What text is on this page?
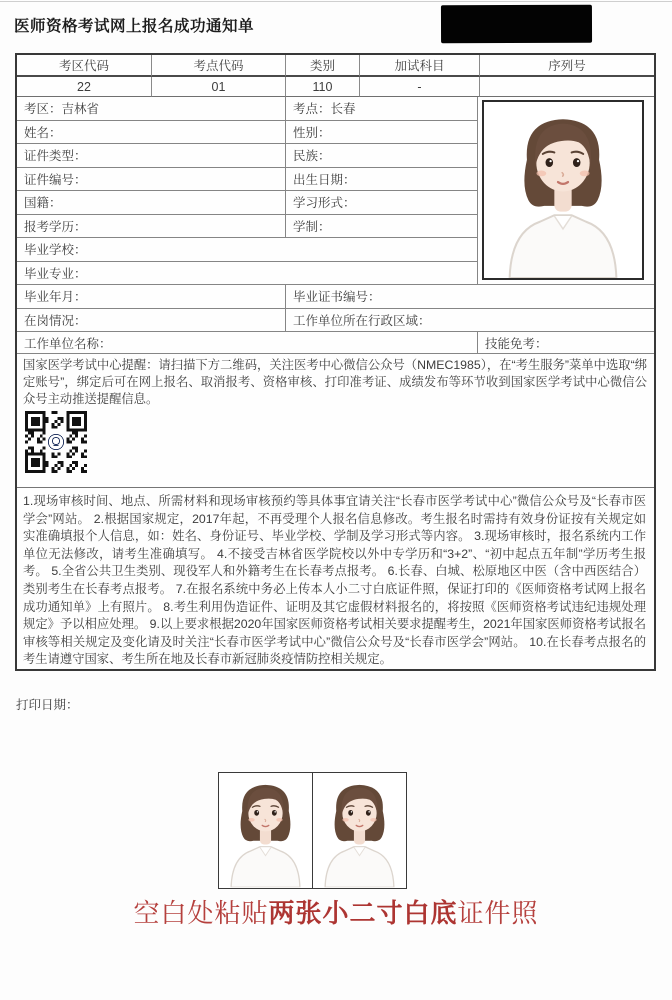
医师资格考试网上报名成功通知单
考区代码	考点代码	类别	加试科目	序列号
22	01	110	-
考区：吉林省	考点：长春
姓名：	性别：
证件类型：	民族：
证件编号：	出生日期：
国籍：	学习形式：
报考学历：	学制：
毕业学校：
毕业专业：
毕业年月：	毕业证书编号：
在岗情况：	工作单位所在行政区域：
工作单位名称：	技能免考：

国家医学考试中心提醒：请扫描下方二维码，关注医考中心微信公众号（NMEC1985），在“考生服务”菜单中选取“绑定账号”，绑定后可在网上报名、取消报考、资格审核、打印准考证、成绩发布等环节收到国家医学考试中心微信公众号主动推送提醒信息。

1.现场审核时间、地点、所需材料和现场审核预约等具体事宜请关注“长春市医学考试中心”微信公众号及“长春市医学会”网站。 2.根据国家规定，2017年起，不再受理个人报名信息修改。考生报名时需持有效身份证按有关规定如实准确填报个人信息，如：姓名、身份证号、毕业学校、学制及学习形式等内容。 3.现场审核时，报名系统内工作单位无法修改，请考生准确填写。 4.不接受吉林省医学院校以外中专学历和“3+2”、“初中起点五年制”学历考生报考。 5.全省公共卫生类别、现役军人和外籍考生在长春考点报考。 6.长春、白城、松原地区中医（含中西医结合）类别考生在长春考点报考。 7.在报名系统中务必上传本人小二寸白底证件照，保证打印的《医师资格考试网上报名成功通知单》上有照片。 8.考生利用伪造证件、证明及其它虚假材料报名的，将按照《医师资格考试违纪违规处理规定》予以相应处理。 9.以上要求根据2020年国家医师资格考试相关要求提醒考生，2021年国家医师资格考试报名审核等相关规定及变化请及时关注“长春市医学考试中心”微信公众号及“长春市医学会”网站。 10.在长春考点报名的考生请遵守国家、考生所在地及长春市新冠肺炎疫情防控相关规定。

打印日期：
空白处粘贴两张小二寸白底证件照
